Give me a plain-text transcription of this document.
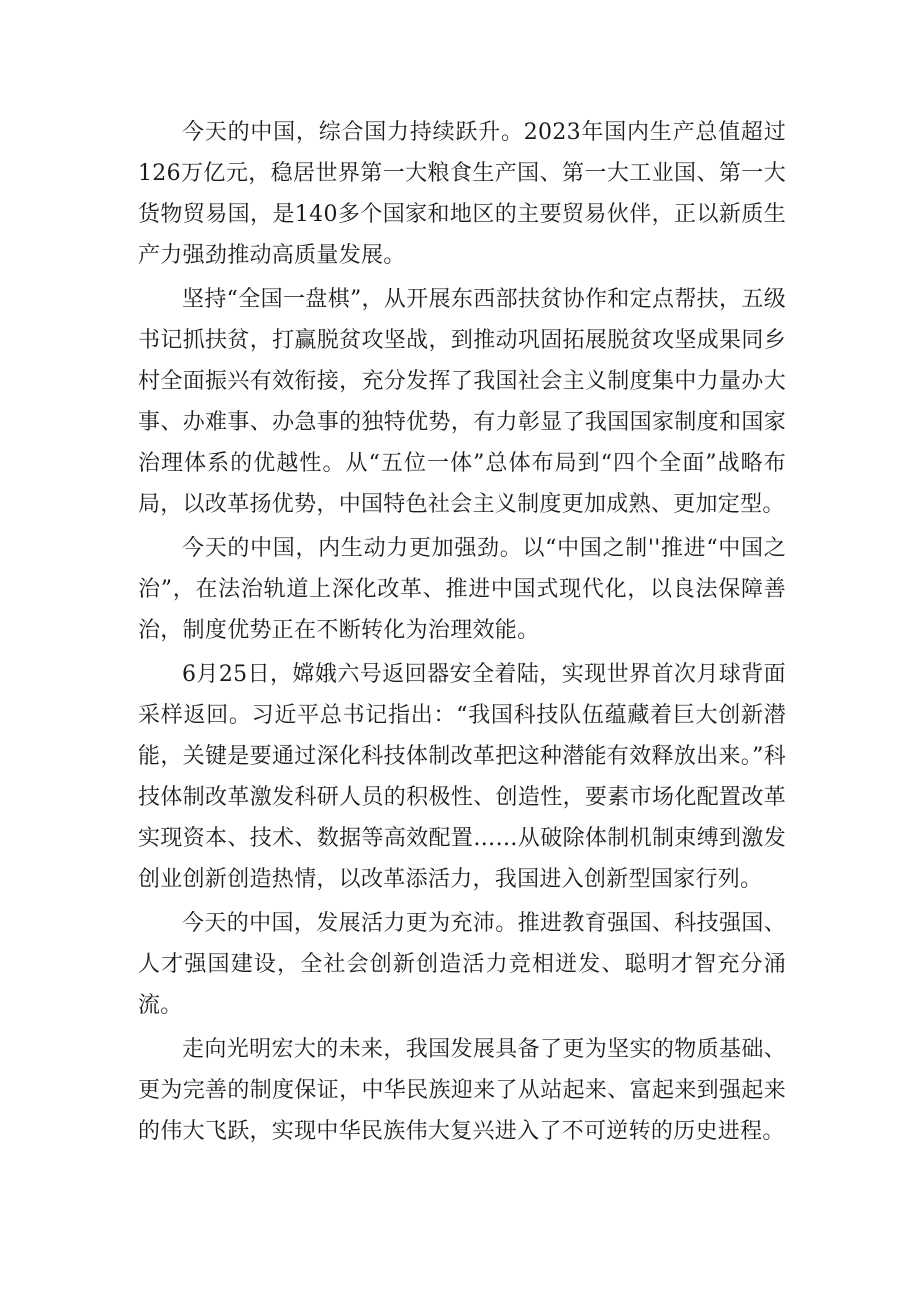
今天的中国，综合国力持续跃升。2023年国内生产总值超过126万亿元，稳居世界第一大粮食生产国、第一大工业国、第一大货物贸易国，是140多个国家和地区的主要贸易伙伴，正以新质生产力强劲推动高质量发展。

坚持“全国一盘棋”，从开展东西部扶贫协作和定点帮扶，五级书记抓扶贫，打赢脱贫攻坚战，到推动巩固拓展脱贫攻坚成果同乡村全面振兴有效衔接，充分发挥了我国社会主义制度集中力量办大事、办难事、办急事的独特优势，有力彰显了我国国家制度和国家治理体系的优越性。从“五位一体”总体布局到“四个全面”战略布局，以改革扬优势，中国特色社会主义制度更加成熟、更加定型。

今天的中国，内生动力更加强劲。以“中国之制''推进“中国之治”，在法治轨道上深化改革、推进中国式现代化，以良法保障善治，制度优势正在不断转化为治理效能。

6月25日，嫦娥六号返回器安全着陆，实现世界首次月球背面采样返回。习近平总书记指出：“我国科技队伍蕴藏着巨大创新潜能，关键是要通过深化科技体制改革把这种潜能有效释放出来。”科技体制改革激发科研人员的积极性、创造性，要素市场化配置改革实现资本、技术、数据等高效配置……从破除体制机制束缚到激发创业创新创造热情，以改革添活力，我国进入创新型国家行列。

今天的中国，发展活力更为充沛。推进教育强国、科技强国、人才强国建设，全社会创新创造活力竞相迸发、聪明才智充分涌流。

走向光明宏大的未来，我国发展具备了更为坚实的物质基础、更为完善的制度保证，中华民族迎来了从站起来、富起来到强起来的伟大飞跃，实现中华民族伟大复兴进入了不可逆转的历史进程。
